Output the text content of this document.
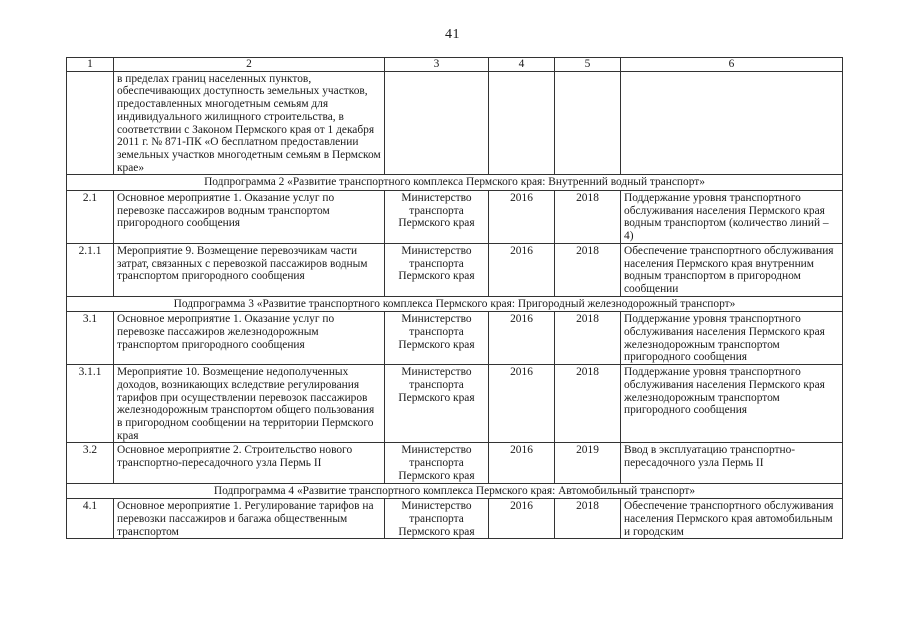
41
1	2	3	4	5	6
	в пределах границ населенных пунктов, обеспечивающих доступность земельных участков, предоставленных многодетным семьям для индивидуального жилищного строительства, в соответствии с Законом Пермского края от 1 декабря 2011 г. № 871-ПК «О бесплатном предоставлении земельных участков многодетным семьям в Пермском крае»				
Подпрограмма 2 «Развитие транспортного комплекса Пермского края: Внутренний водный транспорт»					
2.1	Основное мероприятие 1. Оказание услуг по перевозке пассажиров водным транспортом пригородного сообщения	Министерство транспорта Пермского края	2016	2018	Поддержание уровня транспортного обслуживания населения Пермского края водным транспортом (количество линий – 4)
2.1.1	Мероприятие 9. Возмещение перевозчикам части затрат, связанных с перевозкой пассажиров водным транспортом пригородного сообщения	Министерство транспорта Пермского края	2016	2018	Обеспечение транспортного обслуживания населения Пермского края внутренним водным транспортом в пригородном сообщении
Подпрограмма 3 «Развитие транспортного комплекса Пермского края: Пригородный железнодорожный транспорт»					
3.1	Основное мероприятие 1. Оказание услуг по перевозке пассажиров железнодорожным транспортом пригородного сообщения	Министерство транспорта Пермского края	2016	2018	Поддержание уровня транспортного обслуживания населения Пермского края железнодорожным транспортом пригородного сообщения
3.1.1	Мероприятие 10. Возмещение недополученных доходов, возникающих вследствие регулирования тарифов при осуществлении перевозок пассажиров железнодорожным транспортом общего пользования в пригородном сообщении на территории Пермского края	Министерство транспорта Пермского края	2016	2018	Поддержание уровня транспортного обслуживания населения Пермского края железнодорожным транспортом пригородного сообщения
3.2	Основное мероприятие 2. Строительство нового транспортно-пересадочного узла Пермь II	Министерство транспорта Пермского края	2016	2019	Ввод в эксплуатацию транспортно-пересадочного узла Пермь II
Подпрограмма 4 «Развитие транспортного комплекса Пермского края: Автомобильный транспорт»					
4.1	Основное мероприятие 1. Регулирование тарифов на перевозки пассажиров и багажа общественным транспортом	Министерство транспорта Пермского края	2016	2018	Обеспечение транспортного обслуживания населения Пермского края автомобильным и городским
